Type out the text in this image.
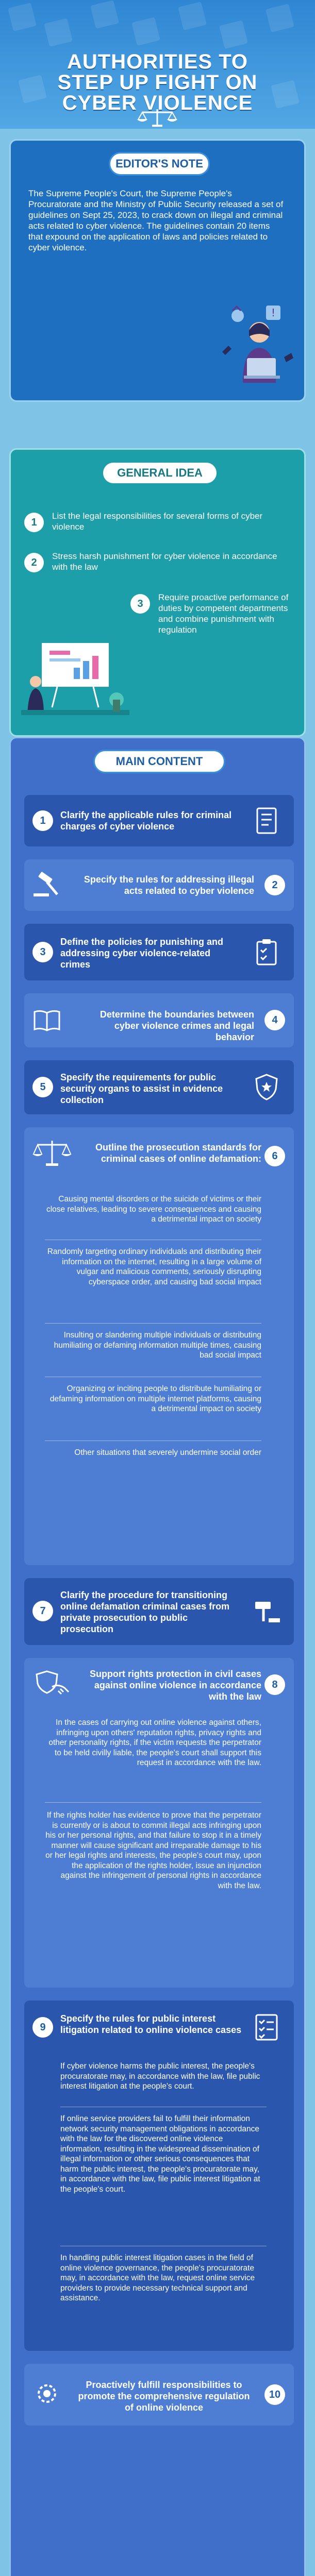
AUTHORITIES TO
STEP UP FIGHT ON
CYBER VIOLENCE
EDITOR'S NOTE
The Supreme People's Court, the Supreme People's Procuratorate and the Ministry of Public Security released a set of guidelines on Sept 25, 2023, to crack down on illegal and criminal acts related to cyber violence. The guidelines contain 20 items that expound on the application of laws and policies related to cyber violence.
!
GENERAL IDEA
1
List the legal responsibilities for several forms of cyber violence
2
Stress harsh punishment for cyber violence in accordance with the law
3
Require proactive performance of duties by competent departments and combine punishment with regulation
MAIN CONTENT
1	Clarify the applicable rules for criminal charges of cyber violence
Specify the rules for addressing illegal acts related to cyber violence	2
3
Define the policies for punishing and addressing cyber violence-related crimes
Determine the boundaries between cyber violence crimes and legal behavior
4
5
Specify the requirements for public security organs to assist in evidence collection
Outline the prosecution standards for criminal cases of online defamation:	6
Causing mental disorders or the suicide of victims or their close relatives, leading to severe consequences and causing a detrimental impact on society
Randomly targeting ordinary individuals and distributing their information on the internet, resulting in a large volume of vulgar and malicious comments, seriously disrupting cyberspace order, and causing bad social impact
Insulting or slandering multiple individuals or distributing humiliating or defaming information multiple times, causing bad social impact
Organizing or inciting people to distribute humiliating or defaming information on multiple internet platforms, causing a detrimental impact on society
Other situations that severely undermine social order
7
Clarify the procedure for transitioning online defamation criminal cases from private prosecution to public prosecution
Support rights protection in civil cases against online violence in accordance with the law
8
In the cases of carrying out online violence against others, infringing upon others' reputation rights, privacy rights and other personality rights, if the victim requests the perpetrator to be held civilly liable, the people's court shall support this request in accordance with the law.
If the rights holder has evidence to prove that the perpetrator is currently or is about to commit illegal acts infringing upon his or her personal rights, and that failure to stop it in a timely manner will cause significant and irreparable damage to his or her legal rights and interests, the people's court may, upon the application of the rights holder, issue an injunction against the infringement of personal rights in accordance with the law.
9
Specify the rules for public interest litigation related to online violence cases
If cyber violence harms the public interest, the people's procuratorate may, in accordance with the law, file public interest litigation at the people's court.
If online service providers fail to fulfill their information network security management obligations in accordance with the law for the discovered online violence information, resulting in the widespread dissemination of illegal information or other serious consequences that harm the public interest, the people's procuratorate may, in accordance with the law, file public interest litigation at the people's court.
In handling public interest litigation cases in the field of online violence governance, the people's procuratorate may, in accordance with the law, request online service providers to provide necessary technical support and assistance.
Proactively fulfill responsibilities to promote the comprehensive regulation of online violence
10
